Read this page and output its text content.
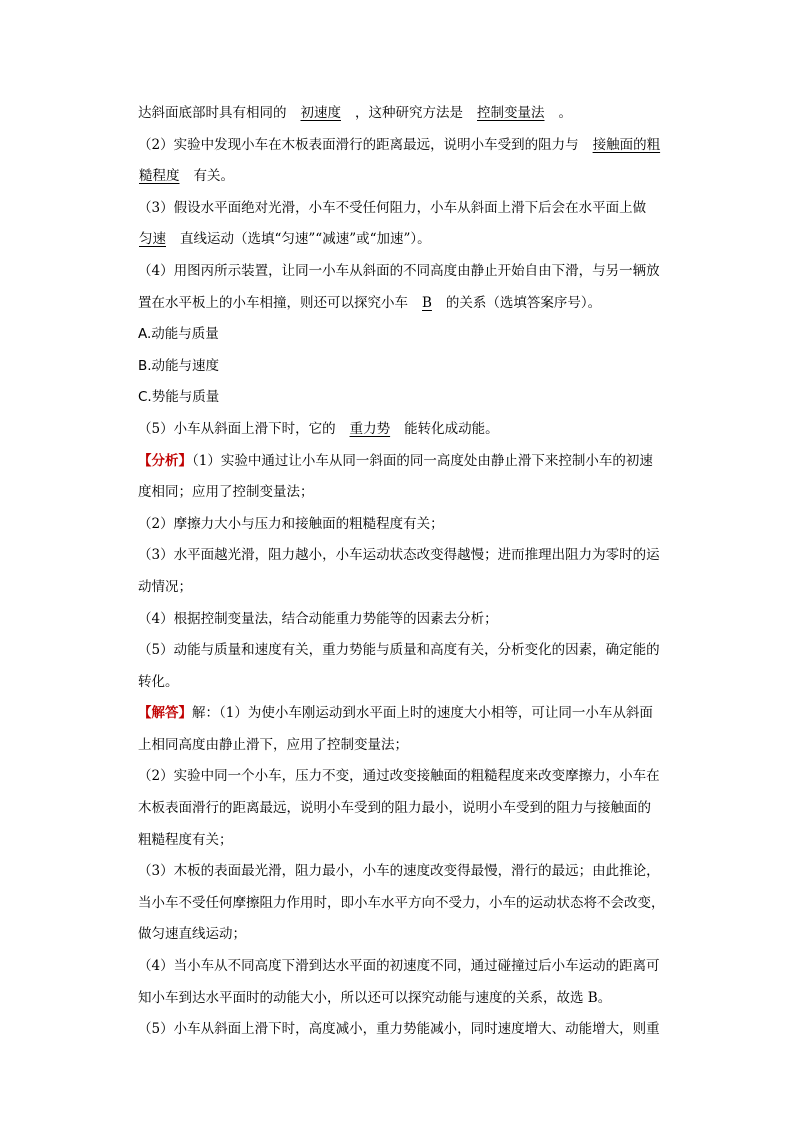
达斜面底部时具有相同的 初速度 ，这种研究方法是 控制变量法 。

（2）实验中发现小车在木板表面滑行的距离最远，说明小车受到的阻力与 接触面的粗

糙程度 有关。

（3）假设水平面绝对光滑，小车不受任何阻力，小车从斜面上滑下后会在水平面上做

匀速 直线运动（选填“匀速”“减速”或“加速”）。

（4）用图丙所示装置，让同一小车从斜面的不同高度由静止开始自由下滑，与另一辆放

置在水平板上的小车相撞，则还可以探究小车 B 的关系（选填答案序号）。

A.动能与质量

B.动能与速度

C.势能与质量

（5）小车从斜面上滑下时，它的 重力势 能转化成动能。

【分析】（1）实验中通过让小车从同一斜面的同一高度处由静止滑下来控制小车的初速

度相同；应用了控制变量法；

（2）摩擦力大小与压力和接触面的粗糙程度有关；

（3）水平面越光滑，阻力越小，小车运动状态改变得越慢；进而推理出阻力为零时的运

动情况；

（4）根据控制变量法，结合动能重力势能等的因素去分析；

（5）动能与质量和速度有关，重力势能与质量和高度有关，分析变化的因素，确定能的

转化。

【解答】解：（1）为使小车刚运动到水平面上时的速度大小相等，可让同一小车从斜面

上相同高度由静止滑下，应用了控制变量法；

（2）实验中同一个小车，压力不变，通过改变接触面的粗糙程度来改变摩擦力，小车在

木板表面滑行的距离最远，说明小车受到的阻力最小，说明小车受到的阻力与接触面的

粗糙程度有关；

（3）木板的表面最光滑，阻力最小，小车的速度改变得最慢，滑行的最远；由此推论，

当小车不受任何摩擦阻力作用时，即小车水平方向不受力，小车的运动状态将不会改变，

做匀速直线运动；

（4）当小车从不同高度下滑到达水平面的初速度不同，通过碰撞过后小车运动的距离可

知小车到达水平面时的动能大小，所以还可以探究动能与速度的关系，故选 B。

（5）小车从斜面上滑下时，高度减小，重力势能减小，同时速度增大、动能增大，则重
